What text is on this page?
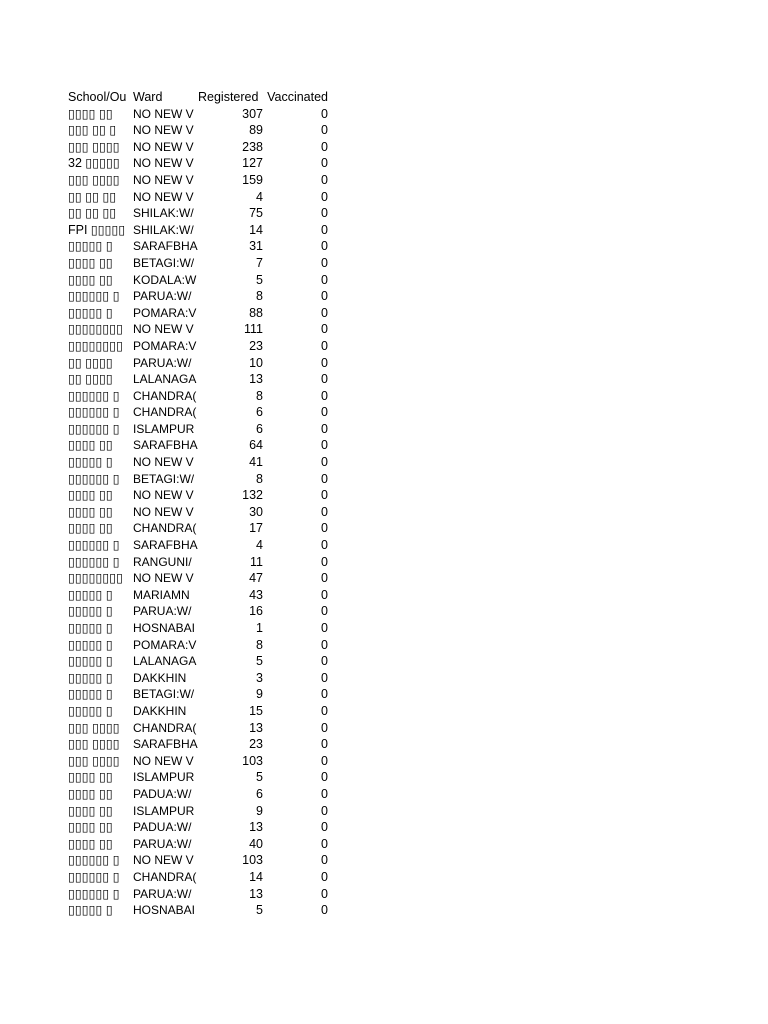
School/Ou	Ward	Registered	Vaccinated
▯▯▯▯ ▯▯	NO NEW V	307	0
▯▯▯ ▯▯ ▯	NO NEW V	89	0
▯▯▯ ▯▯▯▯	NO NEW V	238	0
32 ▯▯▯▯▯	NO NEW V	127	0
▯▯▯ ▯▯▯▯	NO NEW V	159	0
▯▯ ▯▯ ▯▯	NO NEW V	4	0
▯▯ ▯▯ ▯▯	SHILAK:W/	75	0
FPI ▯▯▯▯▯	SHILAK:W/	14	0
▯▯▯▯▯ ▯	SARAFBHA	31	0
▯▯▯▯ ▯▯	BETAGI:W/	7	0
▯▯▯▯ ▯▯	KODALA:W	5	0
▯▯▯▯▯▯ ▯	PARUA:W/	8	0
▯▯▯▯▯ ▯	POMARA:V	88	0
▯▯▯▯▯▯▯▯	NO NEW V	111	0
▯▯▯▯▯▯▯▯	POMARA:V	23	0
▯▯ ▯▯▯▯	PARUA:W/	10	0
▯▯ ▯▯▯▯	LALANAGA	13	0
▯▯▯▯▯▯ ▯	CHANDRA(	8	0
▯▯▯▯▯▯ ▯	CHANDRA(	6	0
▯▯▯▯▯▯ ▯	ISLAMPUR	6	0
▯▯▯▯ ▯▯	SARAFBHA	64	0
▯▯▯▯▯ ▯	NO NEW V	41	0
▯▯▯▯▯▯ ▯	BETAGI:W/	8	0
▯▯▯▯ ▯▯	NO NEW V	132	0
▯▯▯▯ ▯▯	NO NEW V	30	0
▯▯▯▯ ▯▯	CHANDRA(	17	0
▯▯▯▯▯▯ ▯	SARAFBHA	4	0
▯▯▯▯▯▯ ▯	RANGUNI/	11	0
▯▯▯▯▯▯▯▯	NO NEW V	47	0
▯▯▯▯▯ ▯	MARIAMN	43	0
▯▯▯▯▯ ▯	PARUA:W/	16	0
▯▯▯▯▯ ▯	HOSNABAI	1	0
▯▯▯▯▯ ▯	POMARA:V	8	0
▯▯▯▯▯ ▯	LALANAGA	5	0
▯▯▯▯▯ ▯	DAKKHIN	3	0
▯▯▯▯▯ ▯	BETAGI:W/	9	0
▯▯▯▯▯ ▯	DAKKHIN	15	0
▯▯▯ ▯▯▯▯	CHANDRA(	13	0
▯▯▯ ▯▯▯▯	SARAFBHA	23	0
▯▯▯ ▯▯▯▯	NO NEW V	103	0
▯▯▯▯ ▯▯	ISLAMPUR	5	0
▯▯▯▯ ▯▯	PADUA:W/	6	0
▯▯▯▯ ▯▯	ISLAMPUR	9	0
▯▯▯▯ ▯▯	PADUA:W/	13	0
▯▯▯▯ ▯▯	PARUA:W/	40	0
▯▯▯▯▯▯ ▯	NO NEW V	103	0
▯▯▯▯▯▯ ▯	CHANDRA(	14	0
▯▯▯▯▯▯ ▯	PARUA:W/	13	0
▯▯▯▯▯ ▯	HOSNABAI	5	0
